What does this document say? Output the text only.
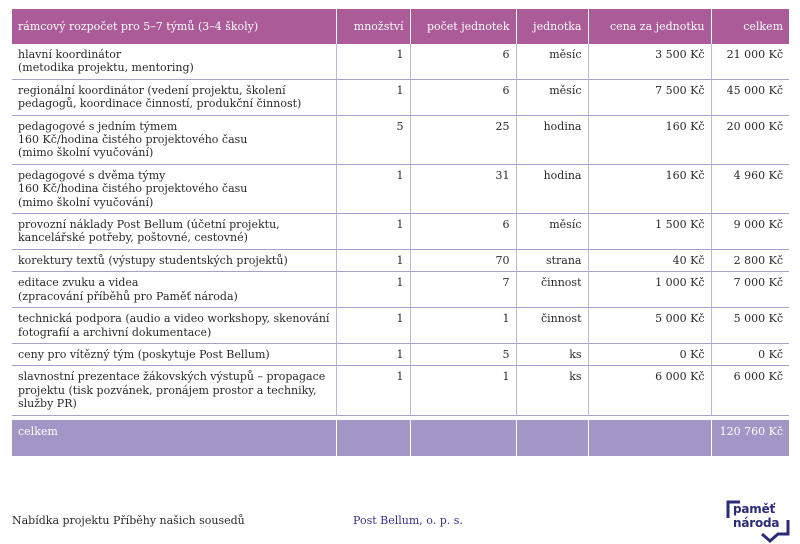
rámcový rozpočet pro 5–7 týmů (3–4 školy)	množství	počet jednotek	jednotka	cena za jednotku	celkem

hlavní koordinátor
(metodika projektu, mentoring)	1	6	měsíc	3 500 Kč	21 000 Kč

regionální koordinátor (vedení projektu, školení
pedagogů, koordinace činností, produkční činnost)	1	6	měsíc	7 500 Kč	45 000 Kč

pedagogové s jedním týmem
160 Kč/hodina čistého projektového času
(mimo školní vyučování)	5	25	hodina	160 Kč	20 000 Kč

pedagogové s dvěma týmy
160 Kč/hodina čistého projektového času
(mimo školní vyučování)	1	31	hodina	160 Kč	4 960 Kč

provozní náklady Post Bellum (účetní projektu,
kancelářské potřeby, poštovné, cestovné)	1	6	měsíc	1 500 Kč	9 000 Kč

korektury textů (výstupy studentských projektů)	1	70	strana	40 Kč	2 800 Kč

editace zvuku a videa
(zpracování příběhů pro Paměť národa)	1	7	činnost	1 000 Kč	7 000 Kč

technická podpora (audio a video workshopy, skenování
fotografií a archivní dokumentace)	1	1	činnost	5 000 Kč	5 000 Kč

ceny pro vítězný tým (poskytuje Post Bellum)	1	5	ks	0 Kč	0 Kč

slavnostní prezentace žákovských výstupů – propagace
projektu (tisk pozvánek, pronájem prostor a techniky,
služby PR)	1	1	ks	6 000 Kč	6 000 Kč

celkem					120 760 Kč
Nabídka projektu Příběhy našich sousedů	Post Bellum, o. p. s.
paměť
národa
